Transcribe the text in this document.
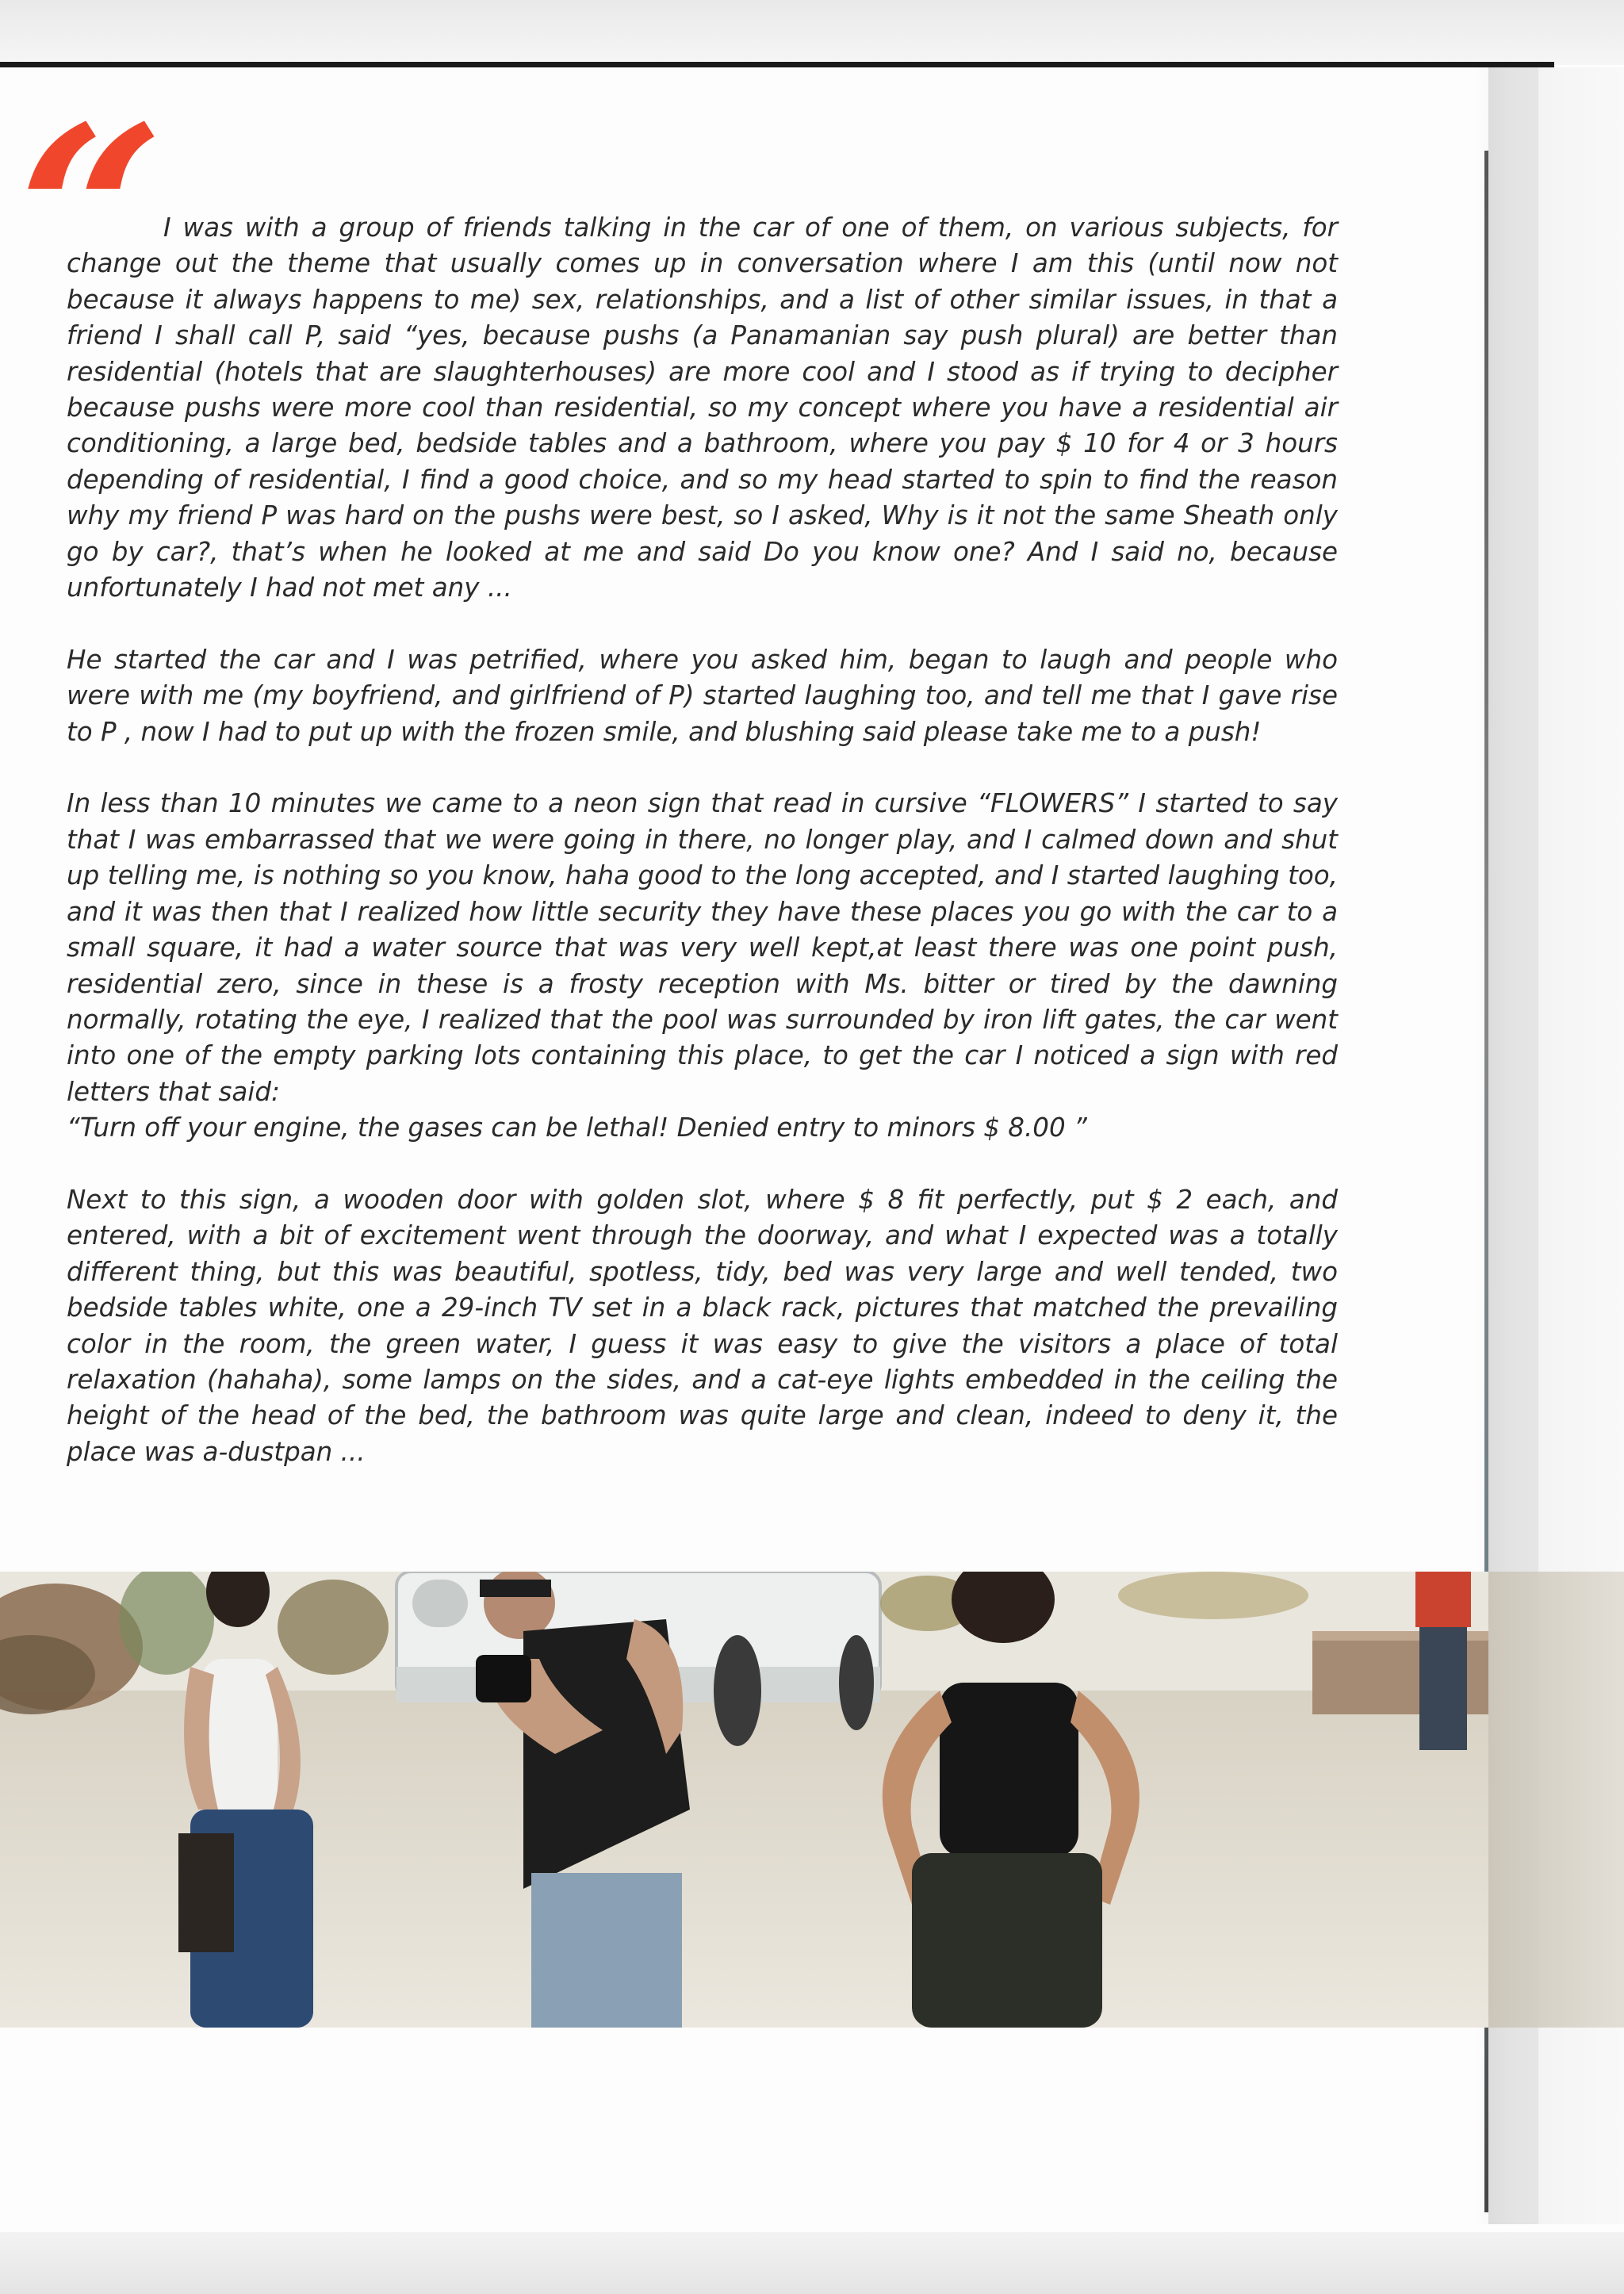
“ I was with a group of friends talking in the car of one of them, on various subjects, for change out the theme that usually comes up in conversation where I am this (until now not because it always happens to me) sex, relationships, and a list of other similar issues, in that a friend I shall call P, said “yes, because pushs (a Panamanian say push plural) are better than residential (hotels that are slaughterhouses) are more cool and I stood as if trying to decipher because pushs were more cool than residential, so my concept where you have a residential air conditioning, a large bed, bedside tables and a bathroom, where you pay $ 10 for 4 or 3 hours depending of residential, I find a good choice, and so my head started to spin to find the reason why my friend P was hard on the pushs were best, so I asked, Why is it not the same Sheath only go by car?, that’s when he looked at me and said Do you know one? And I said no, because unfortunately I had not met any ...

He started the car and I was petrified, where you asked him, began to laugh and people who were with me (my boyfriend, and girlfriend of P) started laughing too, and tell me that I gave rise to P , now I had to put up with the frozen smile, and blushing said please take me to a push!

In less than 10 minutes we came to a neon sign that read in cursive “FLOWERS” I started to say that I was embarrassed that we were going in there, no longer play, and I calmed down and shut up telling me, is nothing so you know, haha good to the long accepted, and I started laughing too, and it was then that I realized how little security they have these places you go with the car to a small square, it had a water source that was very well kept,at least there was one point push, residential zero, since in these is a frosty reception with Ms. bitter or tired by the dawning normally, rotating the eye, I realized that the pool was surrounded by iron lift gates, the car went into one of the empty parking lots containing this place, to get the car I noticed a sign with red letters that said:
“Turn off your engine, the gases can be lethal! Denied entry to minors $ 8.00 ”

Next to this sign, a wooden door with golden slot, where $ 8 fit perfectly, put $ 2 each, and entered, with a bit of excitement went through the doorway, and what I expected was a totally different thing, but this was beautiful, spotless, tidy, bed was very large and well tended, two bedside tables white, one a 29-inch TV set in a black rack, pictures that matched the prevailing color in the room, the green water, I guess it was easy to give the visitors a place of total relaxation (hahaha), some lamps on the sides, and a cat-eye lights embedded in the ceiling the height of the head of the bed, the bathroom was quite large and clean, indeed to deny it, the place was a-dustpan ...
